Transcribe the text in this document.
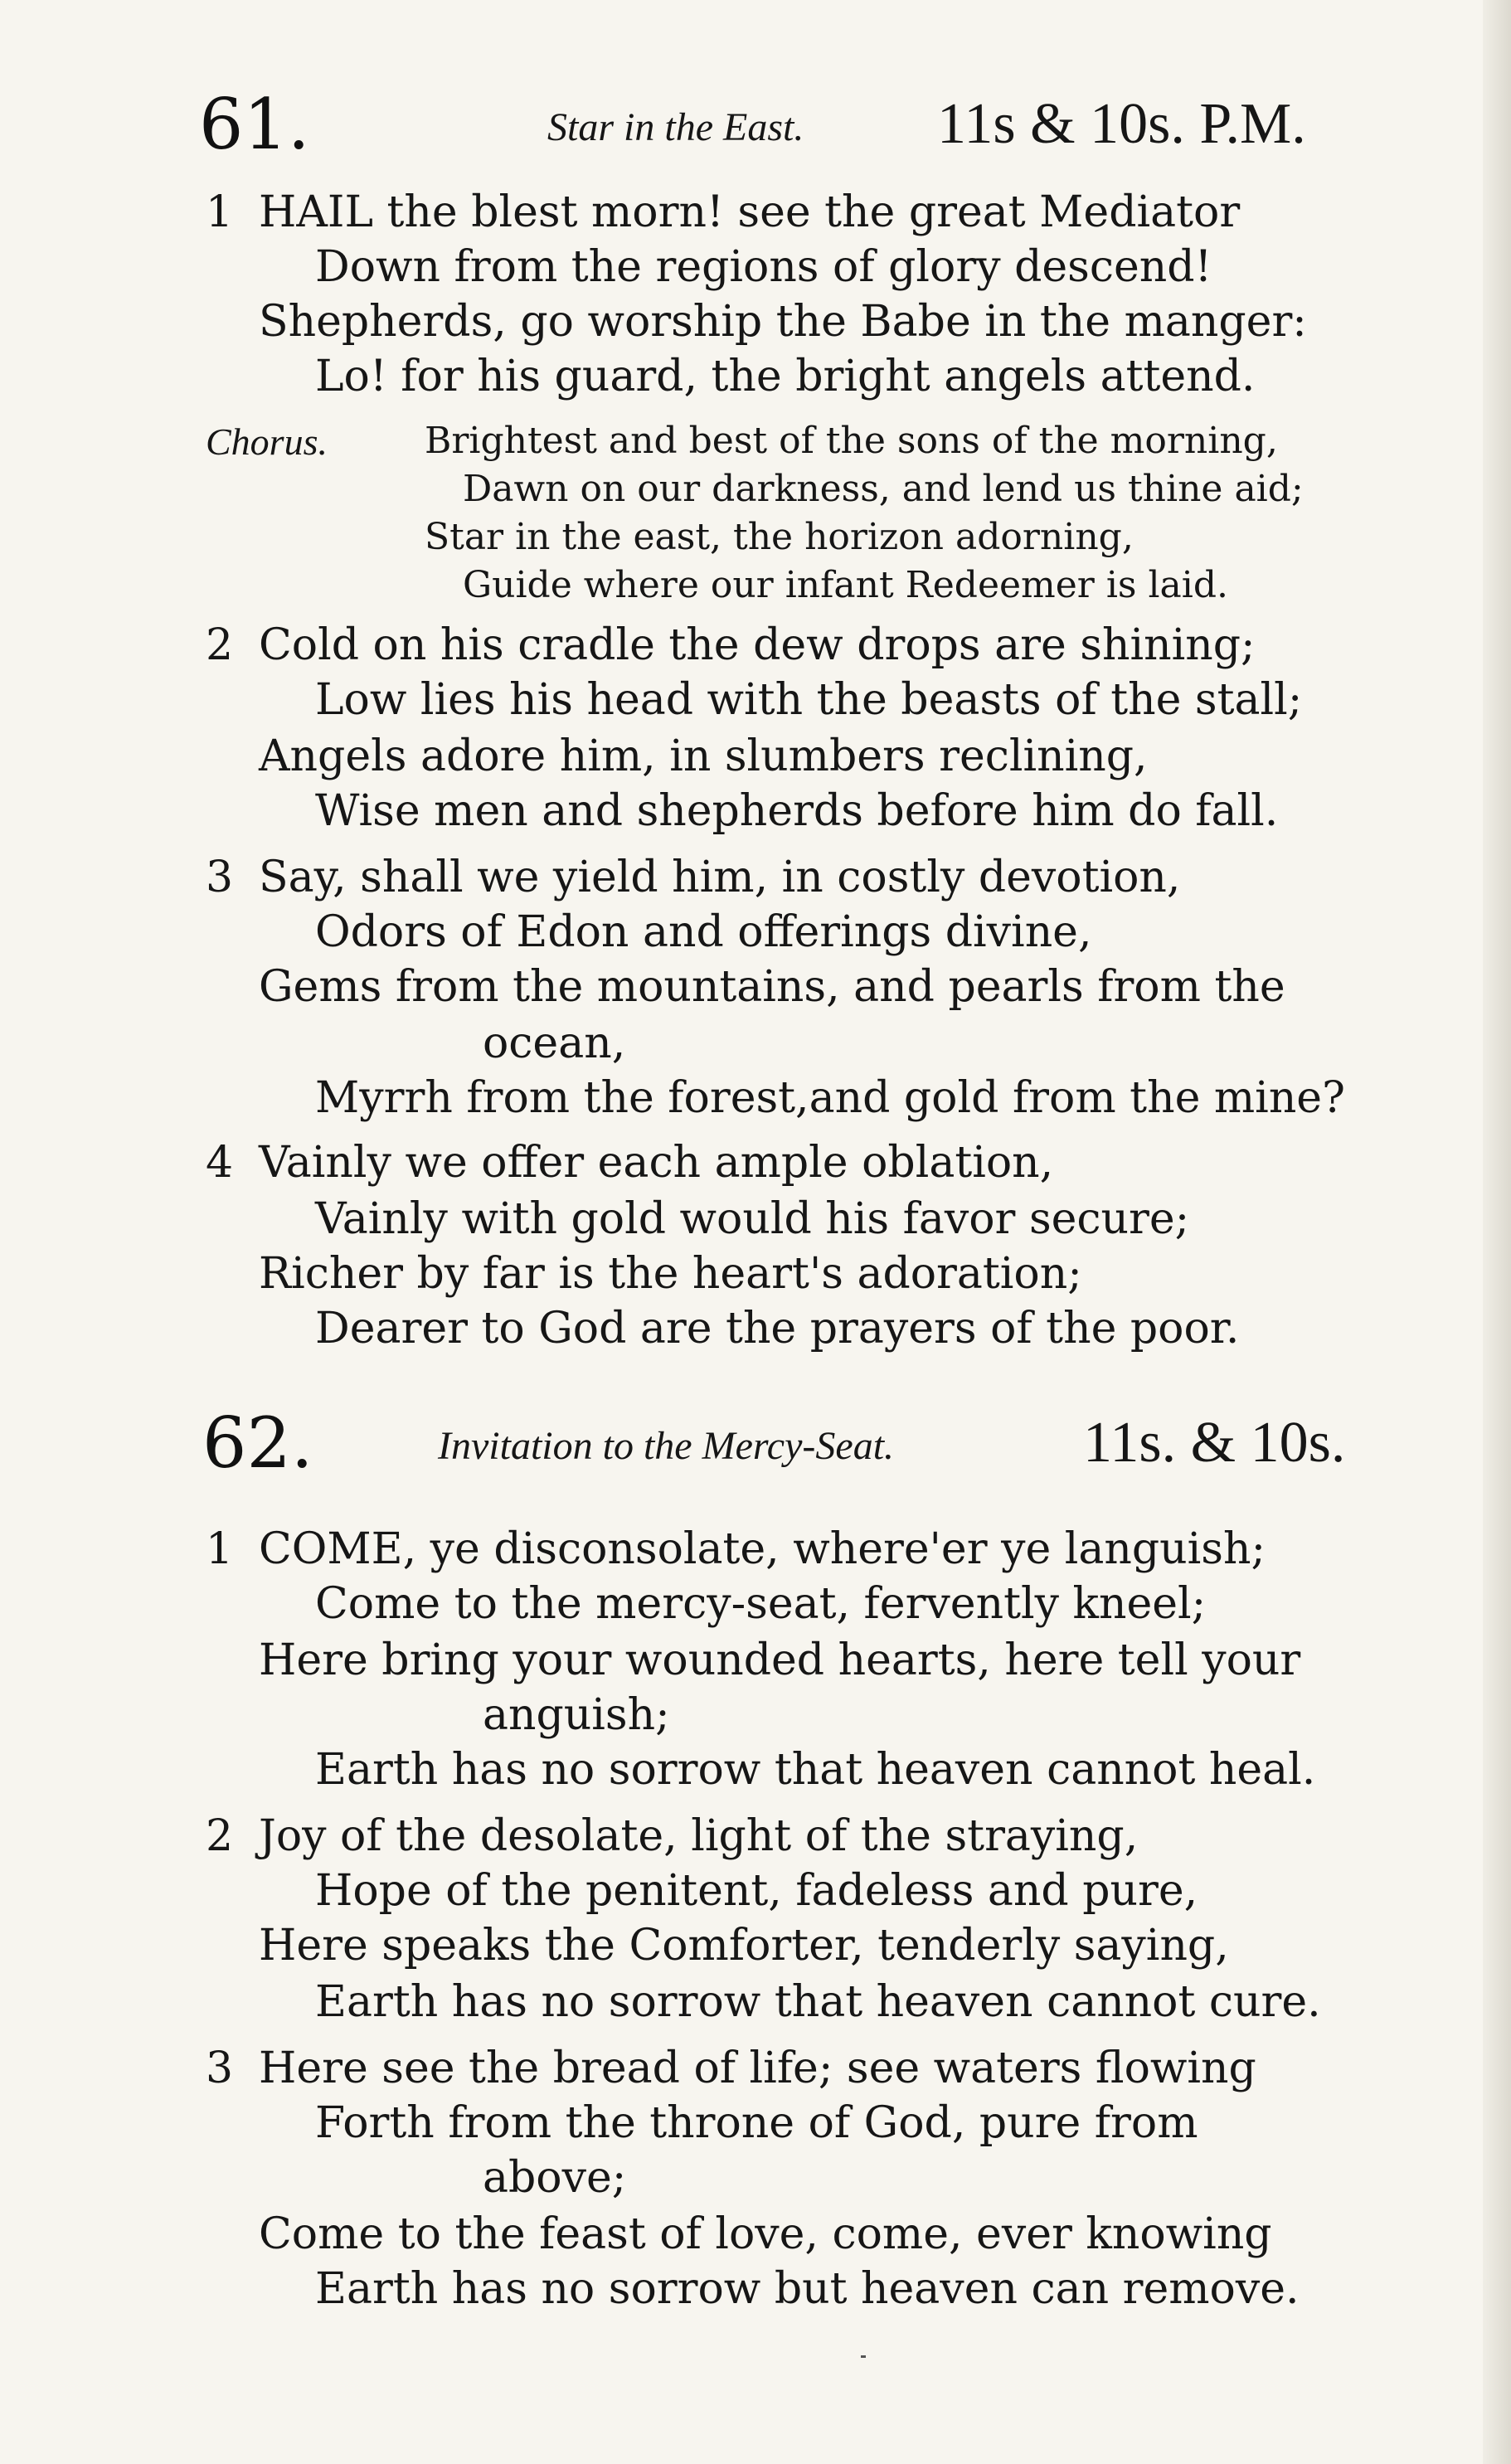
61.	Star in the East. 11s & 10s. P.M.
1 HAIL the blest morn! see the great Mediator
Down from the regions of glory descend!
Shepherds, go worship the Babe in the manger:
Lo! for his guard, the bright angels attend.
Chorus.	Brightest and best of the sons of the morning,
Dawn on our darkness, and lend us thine aid;
Star in the east, the horizon adorning,
Guide where our infant Redeemer is laid.
2 Cold on his cradle the dew drops are shining;
Low lies his head with the beasts of the stall;
Angels adore him, in slumbers reclining,
Wise men and shepherds before him do fall.
3 Say, shall we yield him, in costly devotion,
Odors of Edon and offerings divine,
Gems from the mountains, and pearls from the
ocean,
Myrrh from the forest,and gold from the mine?
4 Vainly we offer each ample oblation,
Vainly with gold would his favor secure;
Richer by far is the heart's adoration;
Dearer to God are the prayers of the poor.
62.	Invitation to the Mercy-Seat.	11s. & 10s.
1 COME, ye disconsolate, where'er ye languish;
Come to the mercy-seat, fervently kneel;
Here bring your wounded hearts, here tell your
anguish;
Earth has no sorrow that heaven cannot heal.
2 Joy of the desolate, light of the straying,
Hope of the penitent, fadeless and pure,
Here speaks the Comforter, tenderly saying,
Earth has no sorrow that heaven cannot cure.
3 Here see the bread of life; see waters flowing
Forth from the throne of God, pure from
above;
Come to the feast of love, come, ever knowing
Earth has no sorrow but heaven can remove.
